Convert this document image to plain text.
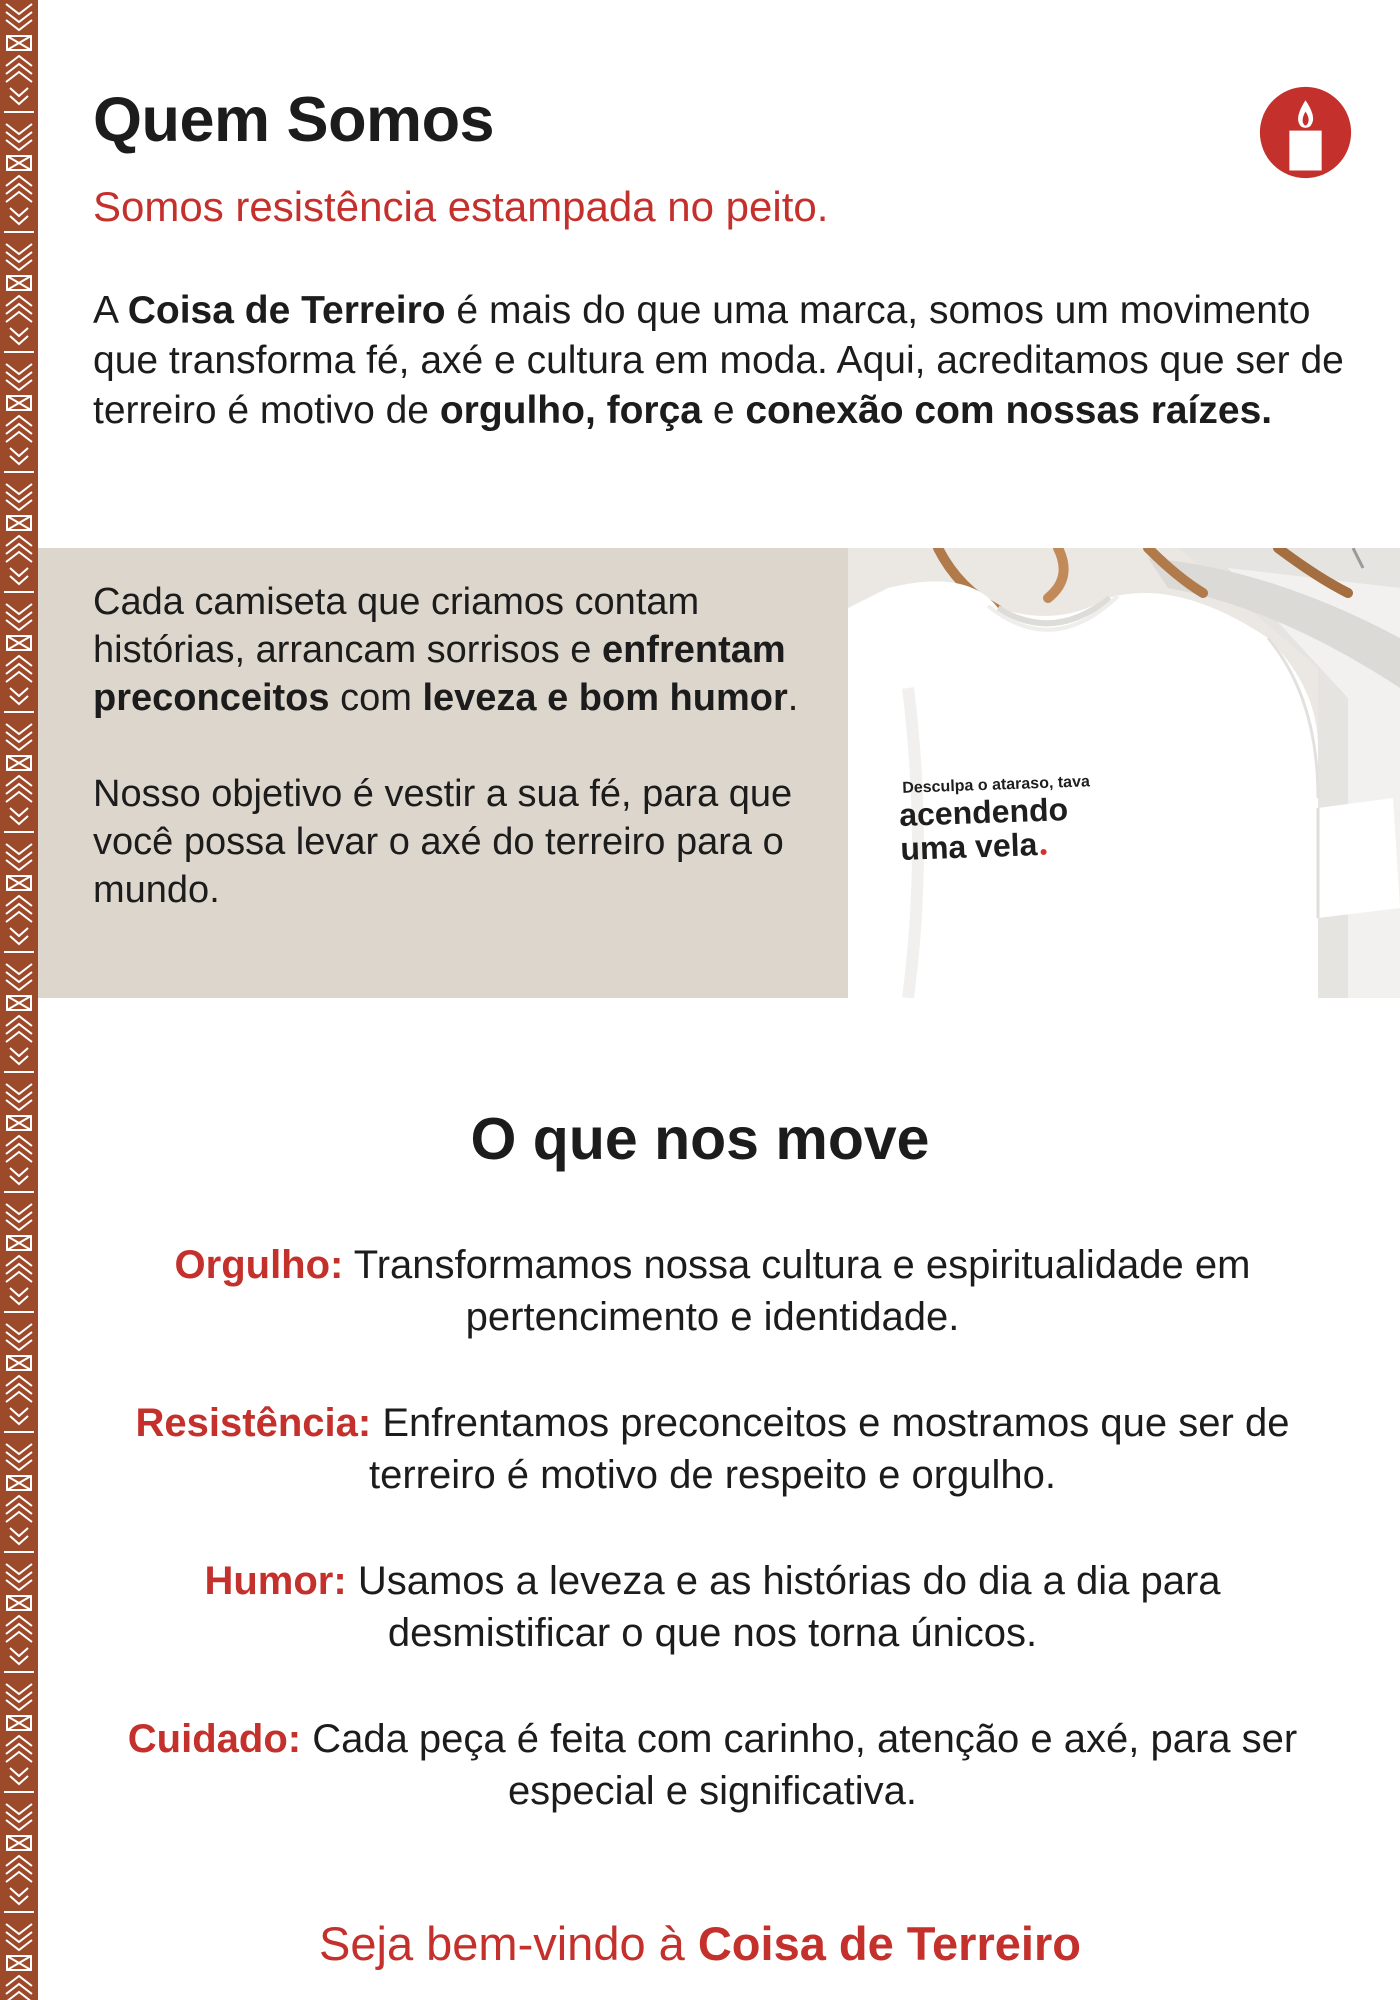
Quem Somos

Somos resistência estampada no peito.

A Coisa de Terreiro é mais do que uma marca, somos um movimento que transforma fé, axé e cultura em moda. Aqui, acreditamos que ser de terreiro é motivo de orgulho, força e conexão com nossas raízes.

Cada camiseta que criamos contam histórias, arrancam sorrisos e enfrentam preconceitos com leveza e bom humor.

Nosso objetivo é vestir a sua fé, para que você possa levar o axé do terreiro para o mundo.

Desculpa o ataraso, tava
acendendo
uma vela
O que nos move

Orgulho: Transformamos nossa cultura e espiritualidade em pertencimento e identidade.

Resistência: Enfrentamos preconceitos e mostramos que ser de terreiro é motivo de respeito e orgulho.

Humor: Usamos a leveza e as histórias do dia a dia para desmistificar o que nos torna únicos.

Cuidado: Cada peça é feita com carinho, atenção e axé, para ser especial e significativa.

Seja bem-vindo à Coisa de Terreiro
